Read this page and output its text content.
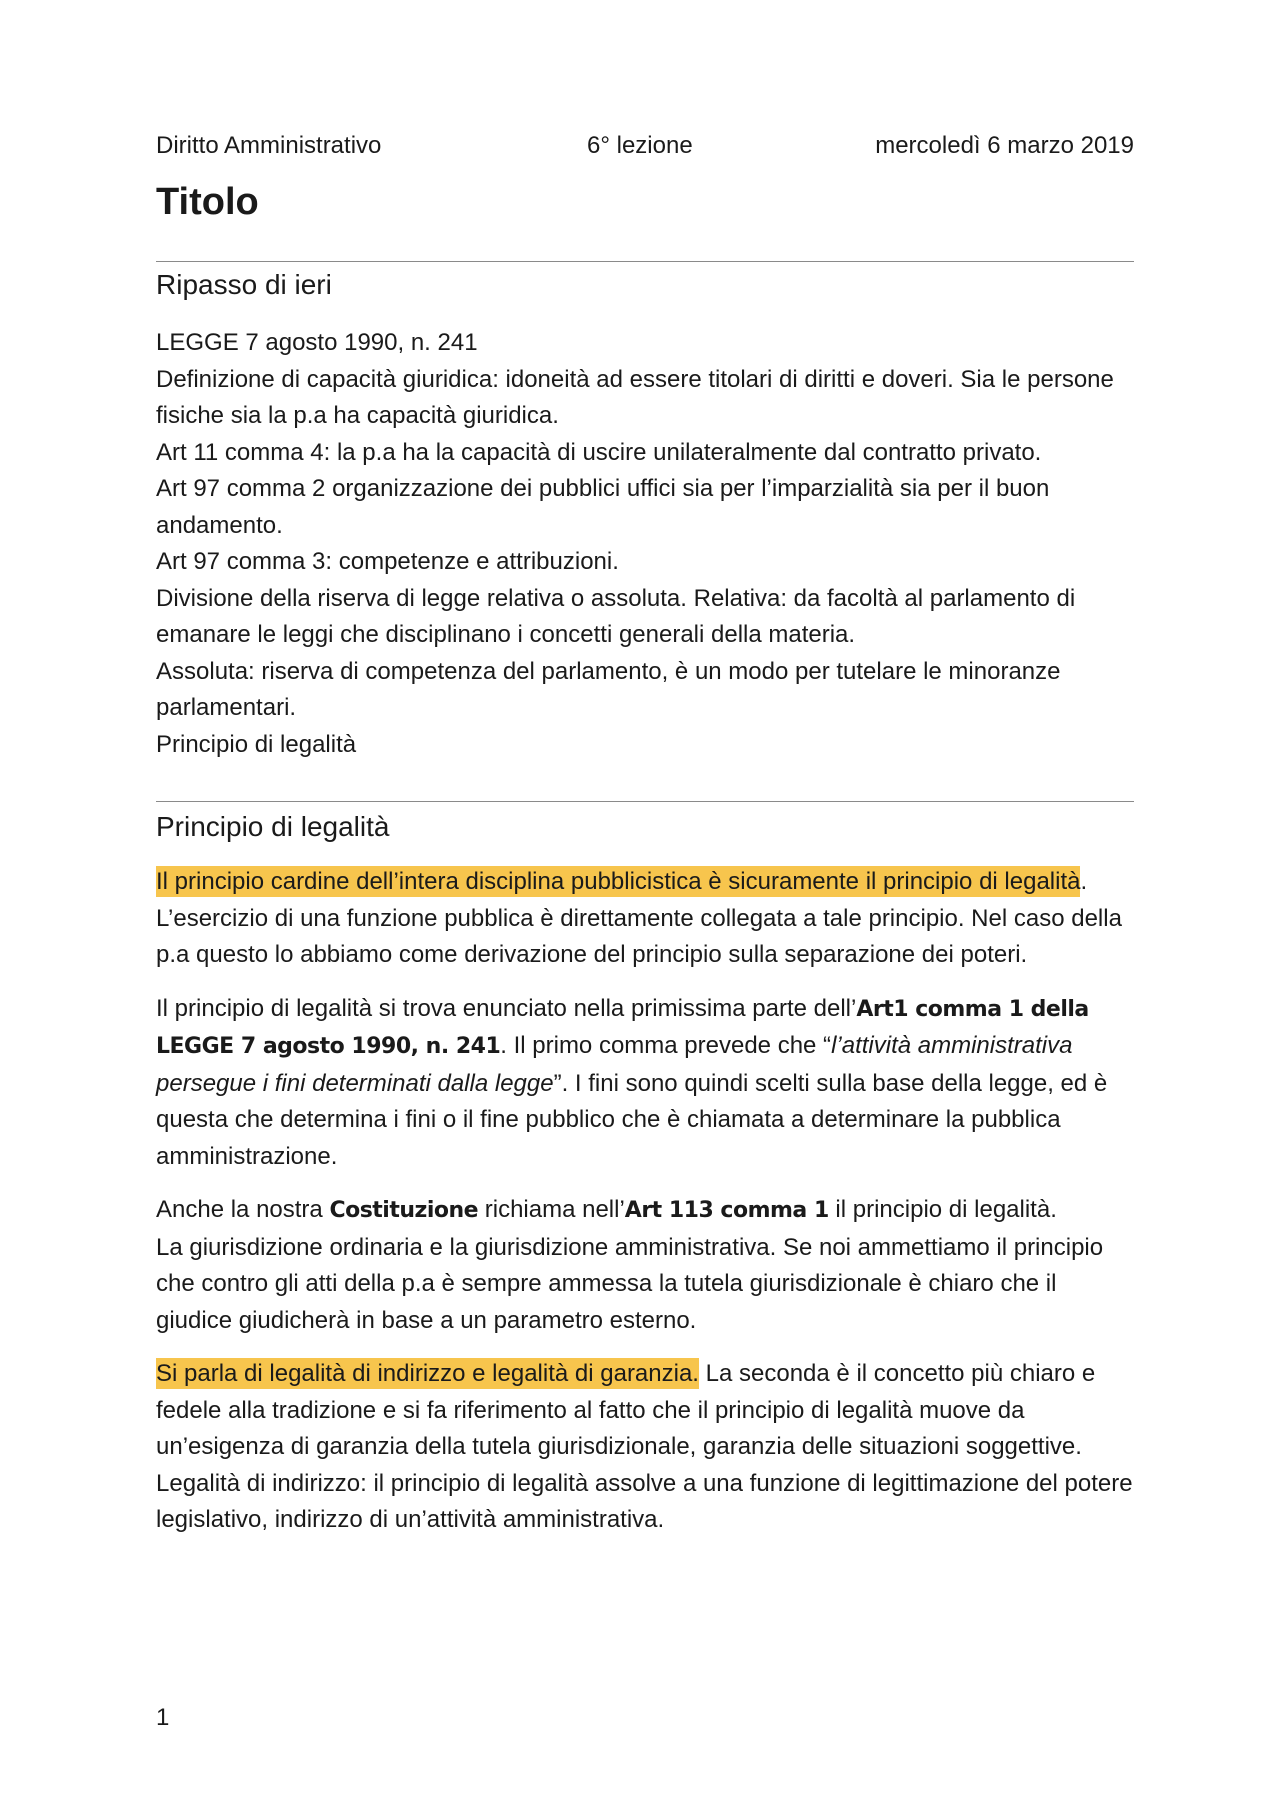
Diritto Amministrativo	6° lezione	mercoledì 6 marzo 2019
Titolo
Ripasso di ieri

LEGGE 7 agosto 1990, n. 241

Definizione di capacità giuridica: idoneità ad essere titolari di diritti e doveri. Sia le persone fisiche sia la p.a ha capacità giuridica.

Art 11 comma 4: la p.a ha la capacità di uscire unilateralmente dal contratto privato.

Art 97 comma 2 organizzazione dei pubblici uffici sia per l’imparzialità sia per il buon andamento.

Art 97 comma 3: competenze e attribuzioni.

Divisione della riserva di legge relativa o assoluta. Relativa: da facoltà al parlamento di emanare le leggi che disciplinano i concetti generali della materia.

Assoluta: riserva di competenza del parlamento, è un modo per tutelare le minoranze parlamentari.

Principio di legalità

Principio di legalità

Il principio cardine dell’intera disciplina pubblicistica è sicuramente il principio di legalità. L’esercizio di una funzione pubblica è direttamente collegata a tale principio. Nel caso della p.a questo lo abbiamo come derivazione del principio sulla separazione dei poteri.

Il principio di legalità si trova enunciato nella primissima parte dell’Art1 comma 1 della LEGGE 7 agosto 1990, n. 241. Il primo comma prevede che “l’attività amministrativa persegue i fini determinati dalla legge”. I fini sono quindi scelti sulla base della legge, ed è questa che determina i fini o il fine pubblico che è chiamata a determinare la pubblica amministrazione.

Anche la nostra Costituzione richiama nell’Art 113 comma 1 il principio di legalità.

La giurisdizione ordinaria e la giurisdizione amministrativa. Se noi ammettiamo il principio che contro gli atti della p.a è sempre ammessa la tutela giurisdizionale è chiaro che il giudice giudicherà in base a un parametro esterno.

Si parla di legalità di indirizzo e legalità di garanzia. La seconda è il concetto più chiaro e fedele alla tradizione e si fa riferimento al fatto che il principio di legalità muove da un’esigenza di garanzia della tutela giurisdizionale, garanzia delle situazioni soggettive.

Legalità di indirizzo: il principio di legalità assolve a una funzione di legittimazione del potere legislativo, indirizzo di un’attività amministrativa.

1
